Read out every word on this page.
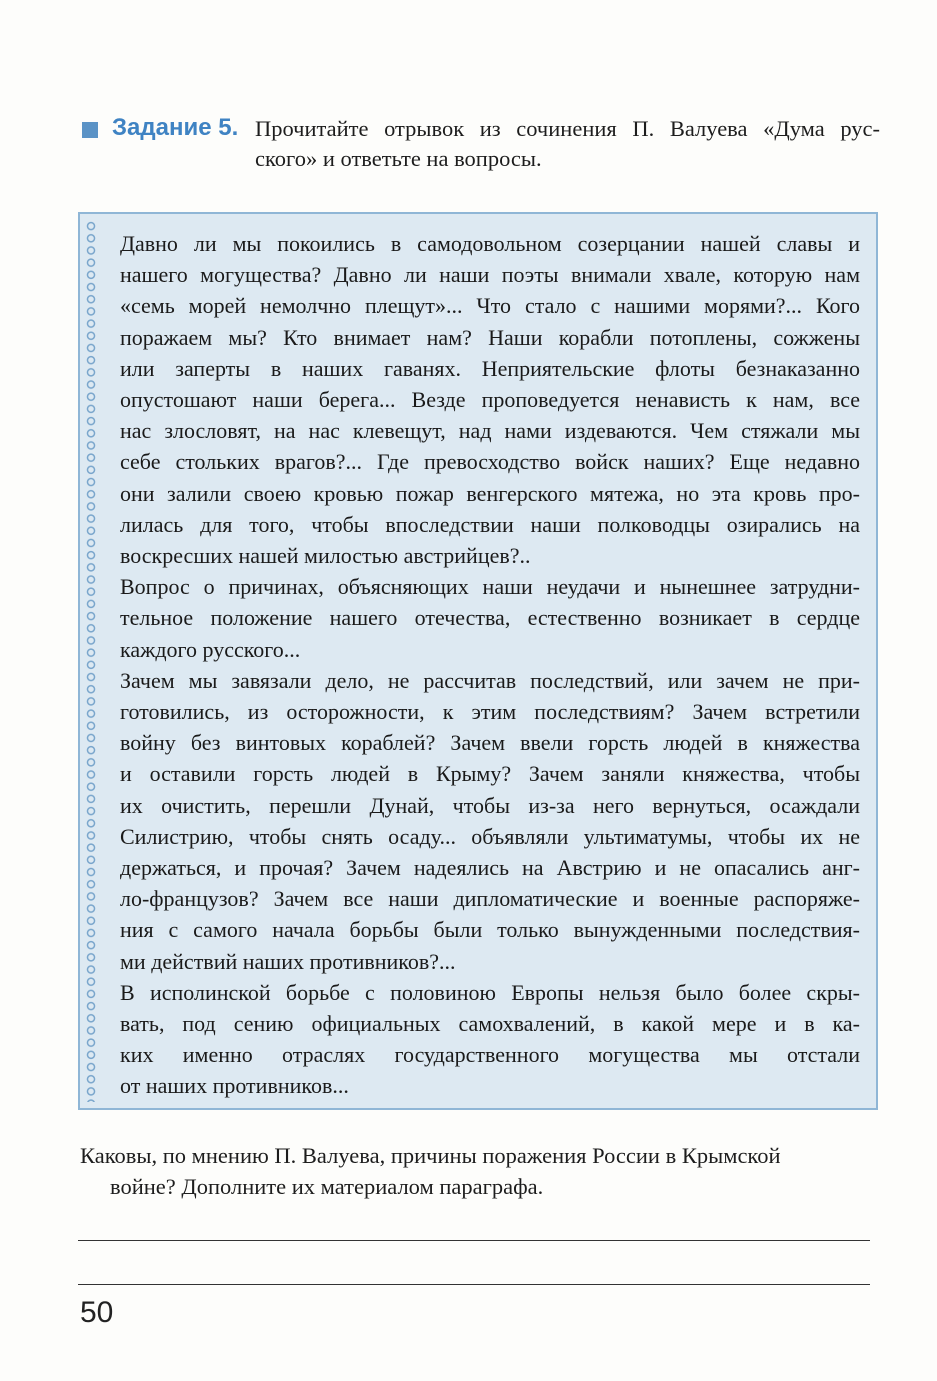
Задание 5. Прочитайте отрывок из сочинения П. Валуева «Дума рус-
ского» и ответьте на вопросы.
Давно ли мы покоились в самодовольном созерцании нашей славы и
нашего могущества? Давно ли наши поэты внимали хвале, которую нам
«семь морей немолчно плещут»... Что стало с нашими морями?... Кого
поражаем мы? Кто внимает нам? Наши корабли потоплены, сожжены
или заперты в наших гаванях. Неприятельские флоты безнаказанно
опустошают наши берега... Везде проповедуется ненависть к нам, все
нас злословят, на нас клевещут, над нами издеваются. Чем стяжали мы
себе стольких врагов?... Где превосходство войск наших? Еще недавно
они залили своею кровью пожар венгерского мятежа, но эта кровь про-
лилась для того, чтобы впоследствии наши полководцы озирались на
воскресших нашей милостью австрийцев?..
Вопрос о причинах, объясняющих наши неудачи и нынешнее затрудни-
тельное положение нашего отечества, естественно возникает в сердце
каждого русского...
Зачем мы завязали дело, не рассчитав последствий, или зачем не при-
готовились, из осторожности, к этим последствиям? Зачем встретили
войну без винтовых кораблей? Зачем ввели горсть людей в княжества
и оставили горсть людей в Крыму? Зачем заняли княжества, чтобы
их очистить, перешли Дунай, чтобы из-за него вернуться, осаждали
Силистрию, чтобы снять осаду... объявляли ультиматумы, чтобы их не
держаться, и прочая? Зачем надеялись на Австрию и не опасались анг-
ло-французов? Зачем все наши дипломатические и военные распоряже-
ния с самого начала борьбы были только вынужденными последствия-
ми действий наших противников?...
В исполинской борьбе с половиною Европы нельзя было более скры-
вать, под сению официальных самохвалений, в какой мере и в ка-
ких именно отраслях государственного могущества мы отстали
от наших противников...
Каковы, по мнению П. Валуева, причины поражения России в Крымской
войне? Дополните их материалом параграфа.
50
